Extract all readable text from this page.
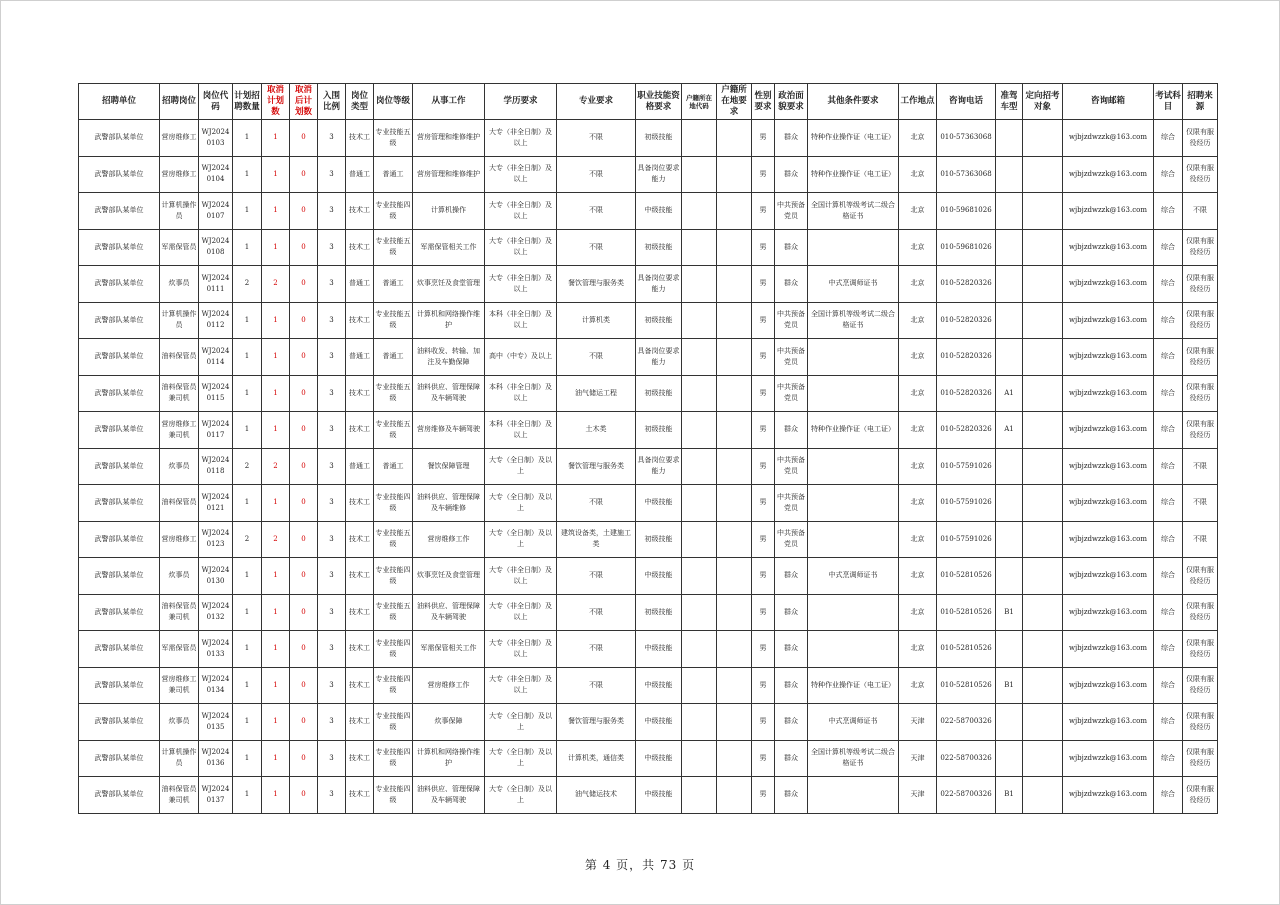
招聘单位	招聘岗位	岗位代码	计划招聘数量	取消计划数	取消后计划数	入围比例	岗位类型	岗位等级	从事工作	学历要求	专业要求	职业技能资格要求	户籍所在地代码	户籍所在地要求	性别要求	政治面貌要求	其他条件要求	工作地点	咨询电话	准驾车型	定向招考对象	咨询邮箱	考试科目	招聘来源
武警部队某单位	营房维修工	WJ20240103	1	1	0	3	技术工	专业技能五级	营房管理和维修维护	大专（非全日制）及以上	不限	初级技能			男	群众	特种作业操作证（电工证）	北京	010-57363068			wjbjzdwzzk@163.com	综合	仅限有服役经历
武警部队某单位	营房维修工	WJ20240104	1	1	0	3	普通工	普通工	营房管理和维修维护	大专（非全日制）及以上	不限	具备岗位要求能力			男	群众	特种作业操作证（电工证）	北京	010-57363068			wjbjzdwzzk@163.com	综合	仅限有服役经历
武警部队某单位	计算机操作员	WJ20240107	1	1	0	3	技术工	专业技能四级	计算机操作	大专（非全日制）及以上	不限	中级技能			男	中共预备党员	全国计算机等级考试二级合格证书	北京	010-59681026			wjbjzdwzzk@163.com	综合	不限
武警部队某单位	军需保管员	WJ20240108	1	1	0	3	技术工	专业技能五级	军需保管相关工作	大专（非全日制）及以上	不限	初级技能			男	群众		北京	010-59681026			wjbjzdwzzk@163.com	综合	仅限有服役经历
武警部队某单位	炊事员	WJ20240111	2	2	0	3	普通工	普通工	炊事烹饪及食堂管理	大专（非全日制）及以上	餐饮管理与服务类	具备岗位要求能力			男	群众	中式烹调师证书	北京	010-52820326			wjbjzdwzzk@163.com	综合	仅限有服役经历
武警部队某单位	计算机操作员	WJ20240112	1	1	0	3	技术工	专业技能五级	计算机和网络操作维护	本科（非全日制）及以上	计算机类	初级技能			男	中共预备党员	全国计算机等级考试二级合格证书	北京	010-52820326			wjbjzdwzzk@163.com	综合	仅限有服役经历
武警部队某单位	油料保管员	WJ20240114	1	1	0	3	普通工	普通工	油料收发、转输、加注及车勤保障	高中（中专）及以上	不限	具备岗位要求能力			男	中共预备党员		北京	010-52820326			wjbjzdwzzk@163.com	综合	仅限有服役经历
武警部队某单位	油料保管员兼司机	WJ20240115	1	1	0	3	技术工	专业技能五级	油料供应、管理保障及车辆驾驶	本科（非全日制）及以上	油气储运工程	初级技能			男	中共预备党员		北京	010-52820326	A1		wjbjzdwzzk@163.com	综合	仅限有服役经历
武警部队某单位	营房维修工兼司机	WJ20240117	1	1	0	3	技术工	专业技能五级	营房维修及车辆驾驶	本科（非全日制）及以上	土木类	初级技能			男	群众	特种作业操作证（电工证）	北京	010-52820326	A1		wjbjzdwzzk@163.com	综合	仅限有服役经历
武警部队某单位	炊事员	WJ20240118	2	2	0	3	普通工	普通工	餐饮保障管理	大专（全日制）及以上	餐饮管理与服务类	具备岗位要求能力			男	中共预备党员		北京	010-57591026			wjbjzdwzzk@163.com	综合	不限
武警部队某单位	油料保管员	WJ20240121	1	1	0	3	技术工	专业技能四级	油料供应、管理保障及车辆维修	大专（全日制）及以上	不限	中级技能			男	中共预备党员		北京	010-57591026			wjbjzdwzzk@163.com	综合	不限
武警部队某单位	营房维修工	WJ20240123	2	2	0	3	技术工	专业技能五级	营房维修工作	大专（全日制）及以上	建筑设备类，土建施工类	初级技能			男	中共预备党员		北京	010-57591026			wjbjzdwzzk@163.com	综合	不限
武警部队某单位	炊事员	WJ20240130	1	1	0	3	技术工	专业技能四级	炊事烹饪及食堂管理	大专（非全日制）及以上	不限	中级技能			男	群众	中式烹调师证书	北京	010-52810526			wjbjzdwzzk@163.com	综合	仅限有服役经历
武警部队某单位	油料保管员兼司机	WJ20240132	1	1	0	3	技术工	专业技能五级	油料供应、管理保障及车辆驾驶	大专（非全日制）及以上	不限	初级技能			男	群众		北京	010-52810526	B1		wjbjzdwzzk@163.com	综合	仅限有服役经历
武警部队某单位	军需保管员	WJ20240133	1	1	0	3	技术工	专业技能四级	军需保管相关工作	大专（非全日制）及以上	不限	中级技能			男	群众		北京	010-52810526			wjbjzdwzzk@163.com	综合	仅限有服役经历
武警部队某单位	营房维修工兼司机	WJ20240134	1	1	0	3	技术工	专业技能四级	营房维修工作	大专（非全日制）及以上	不限	中级技能			男	群众	特种作业操作证（电工证）	北京	010-52810526	B1		wjbjzdwzzk@163.com	综合	仅限有服役经历
武警部队某单位	炊事员	WJ20240135	1	1	0	3	技术工	专业技能四级	炊事保障	大专（全日制）及以上	餐饮管理与服务类	中级技能			男	群众	中式烹调师证书	天津	022-58700326			wjbjzdwzzk@163.com	综合	仅限有服役经历
武警部队某单位	计算机操作员	WJ20240136	1	1	0	3	技术工	专业技能四级	计算机和网络操作维护	大专（全日制）及以上	计算机类，通信类	中级技能			男	群众	全国计算机等级考试二级合格证书	天津	022-58700326			wjbjzdwzzk@163.com	综合	仅限有服役经历
武警部队某单位	油料保管员兼司机	WJ20240137	1	1	0	3	技术工	专业技能四级	油料供应、管理保障及车辆驾驶	大专（全日制）及以上	油气储运技术	中级技能			男	群众		天津	022-58700326	B1		wjbjzdwzzk@163.com	综合	仅限有服役经历
第 4 页，共 73 页
